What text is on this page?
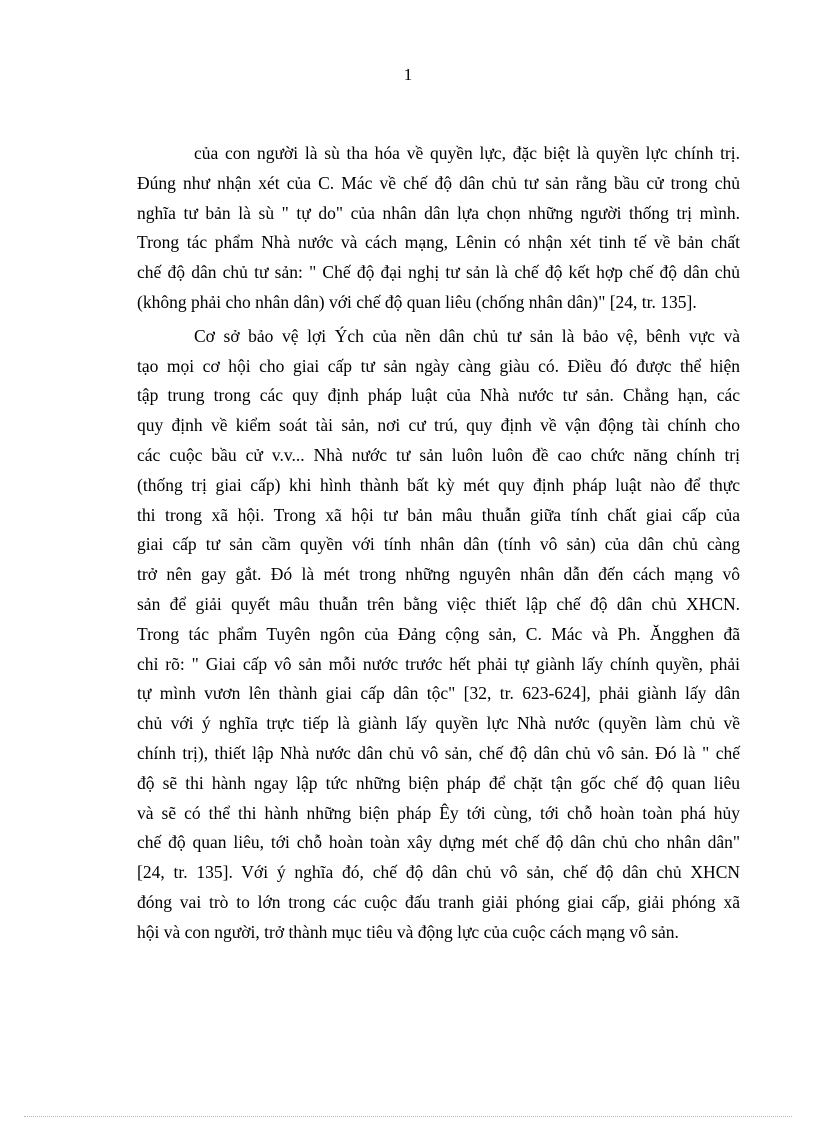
1
của con người là sù tha hóa về quyền lực, đặc biệt là quyền lực chính trị.
Đúng như nhận xét của C. Mác về chế độ dân chủ tư sản rằng bầu cử trong chủ
nghĩa tư bản là sù " tự do" của nhân dân lựa chọn những người thống trị mình.
Trong tác phẩm Nhà nước và cách mạng, Lênin có nhận xét tinh tế về bản chất
chế độ dân chủ tư sản: " Chế độ đại nghị tư sản là chế độ kết hợp chế độ dân chủ
(không phải cho nhân dân) với chế độ quan liêu (chống nhân dân)" [24, tr. 135].
Cơ sở bảo vệ lợi Ých của nền dân chủ tư sản là bảo vệ, bênh vực và
tạo mọi cơ hội cho giai cấp tư sản ngày càng giàu có. Điều đó được thể hiện
tập trung trong các quy định pháp luật của Nhà nước tư sản. Chẳng hạn, các
quy định về kiểm soát tài sản, nơi cư trú, quy định về vận động tài chính cho
các cuộc bầu cử v.v... Nhà nước tư sản luôn luôn đề cao chức năng chính trị
(thống trị giai cấp) khi hình thành bất kỳ mét quy định pháp luật nào để thực
thi trong xã hội. Trong xã hội tư bản mâu thuẫn giữa tính chất giai cấp của
giai cấp tư sản cầm quyền với tính nhân dân (tính vô sản) của dân chủ càng
trở nên gay gắt. Đó là mét trong những nguyên nhân dẫn đến cách mạng vô
sản để giải quyết mâu thuẫn trên bằng việc thiết lập chế độ dân chủ XHCN.
Trong tác phẩm Tuyên ngôn của Đảng cộng sản, C. Mác và Ph. Ăngghen đã
chỉ rõ: " Giai cấp vô sản mỗi nước trước hết phải tự giành lấy chính quyền, phải
tự mình vươn lên thành giai cấp dân tộc" [32, tr. 623-624], phải giành lấy dân
chủ với ý nghĩa trực tiếp là giành lấy quyền lực Nhà nước (quyền làm chủ về
chính trị), thiết lập Nhà nước dân chủ vô sản, chế độ dân chủ vô sản. Đó là " chế
độ sẽ thi hành ngay lập tức những biện pháp để chặt tận gốc chế độ quan liêu
và sẽ có thể thi hành những biện pháp Êy tới cùng, tới chỗ hoàn toàn phá hủy
chế độ quan liêu, tới chỗ hoàn toàn xây dựng mét chế độ dân chủ cho nhân dân"
[24, tr. 135]. Với ý nghĩa đó, chế độ dân chủ vô sản, chế độ dân chủ XHCN
đóng vai trò to lớn trong các cuộc đấu tranh giải phóng giai cấp, giải phóng xã
hội và con người, trở thành mục tiêu và động lực của cuộc cách mạng vô sản.
